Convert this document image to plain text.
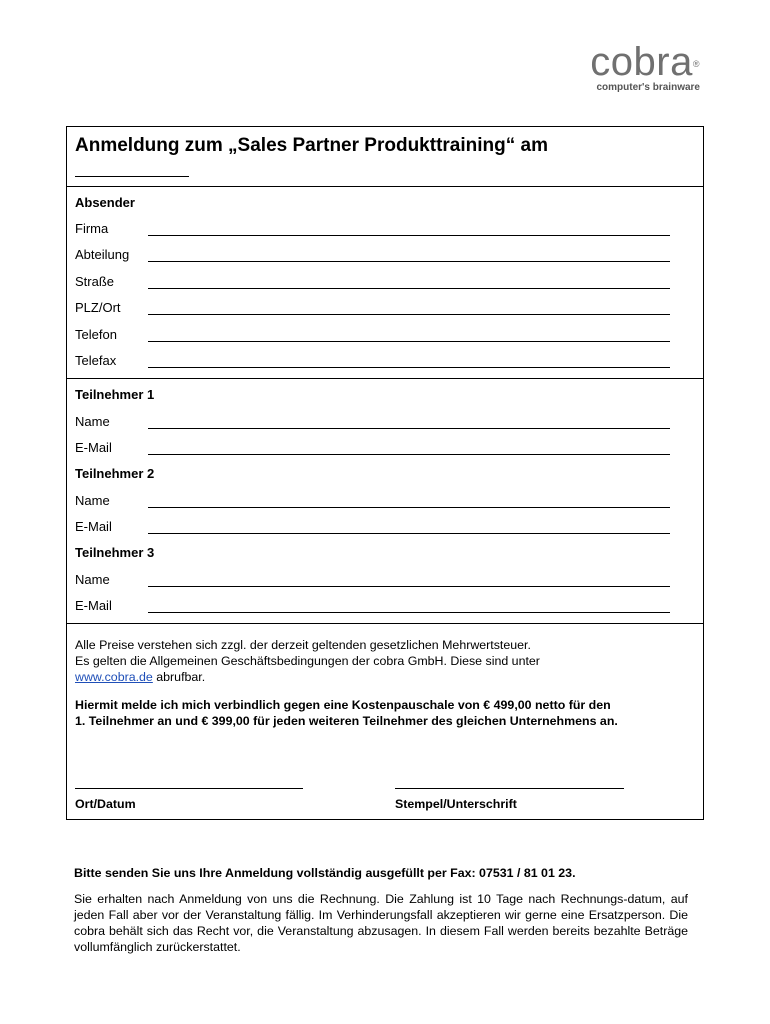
cobra®
computer's brainware
Anmeldung zum „Sales Partner Produkttraining“ am
Absender
Firma
Abteilung
Straße
PLZ/Ort
Telefon
Telefax
Teilnehmer 1
Name
E-Mail
Teilnehmer 2
Name
E-Mail
Teilnehmer 3
Name
E-Mail
Alle Preise verstehen sich zzgl. der derzeit geltenden gesetzlichen Mehrwertsteuer.
Es gelten die Allgemeinen Geschäftsbedingungen der cobra GmbH. Diese sind unter
www.cobra.de abrufbar.
Hiermit melde ich mich verbindlich gegen eine Kostenpauschale von € 499,00 netto für den
1. Teilnehmer an und € 399,00 für jeden weiteren Teilnehmer des gleichen Unternehmens an.
Ort/Datum	Stempel/Unterschrift
Bitte senden Sie uns Ihre Anmeldung vollständig ausgefüllt per Fax: 07531 / 81 01 23.
Sie erhalten nach Anmeldung von uns die Rechnung. Die Zahlung ist 10 Tage nach Rechnungs-datum, auf jeden Fall aber vor der Veranstaltung fällig. Im Verhinderungsfall akzeptieren wir gerne eine Ersatzperson. Die cobra behält sich das Recht vor, die Veranstaltung abzusagen. In diesem Fall werden bereits bezahlte Beträge vollumfänglich zurückerstattet.
